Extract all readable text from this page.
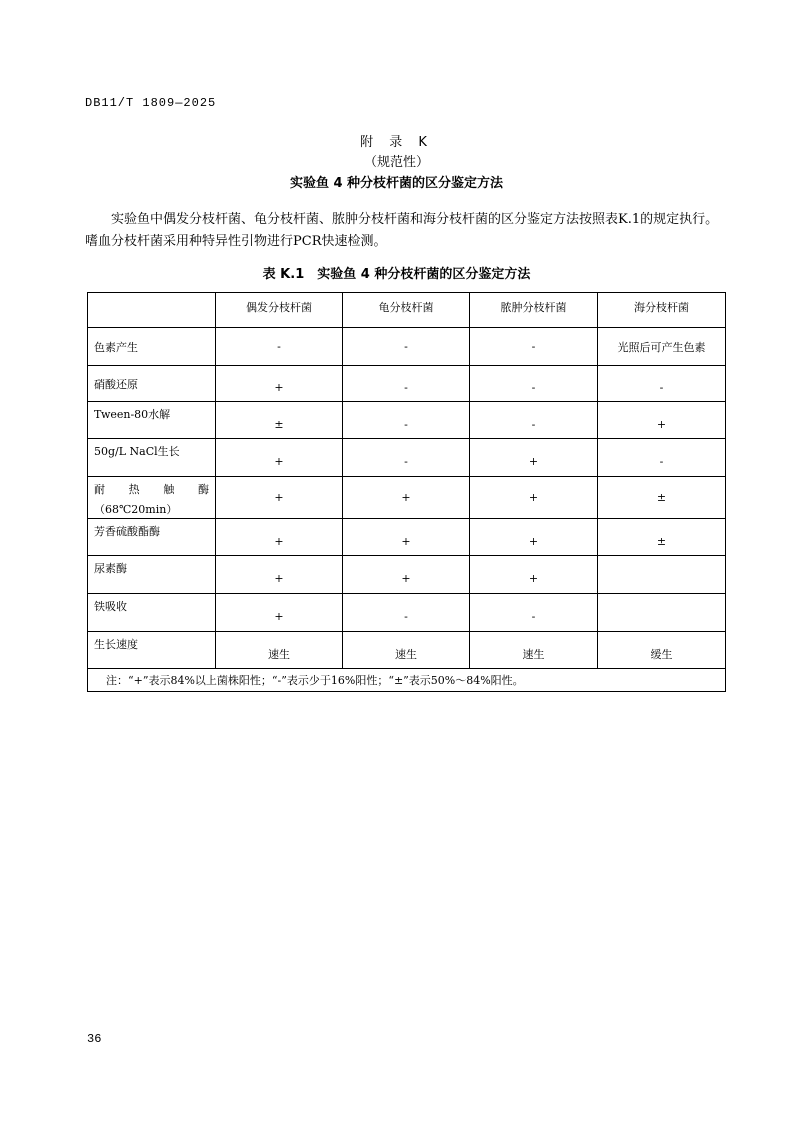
DB11/T 1809—2025
附 录 K
（规范性）
实验鱼 4 种分枝杆菌的区分鉴定方法
实验鱼中偶发分枝杆菌、龟分枝杆菌、脓肿分枝杆菌和海分枝杆菌的区分鉴定方法按照表K.1的规定执行。嗜血分枝杆菌采用种特异性引物进行PCR快速检测。
表 K.1　实验鱼 4 种分枝杆菌的区分鉴定方法
	偶发分枝杆菌	龟分枝杆菌	脓肿分枝杆菌	海分枝杆菌
色素产生	-	-	-	光照后可产生色素
硝酸还原	+	-	-	-
Tween-80水解	±	-	-	+
50g/L NaCl生长	+	-	+	-

耐 热 触 酶
（68℃20min）	+	+	+	±
芳香硫酸酯酶	+	+	+	±
尿素酶	+	+	+	
铁吸收	+	-	-	
生长速度	速生	速生	速生	缓生
注：“+”表示84%以上菌株阳性；“-”表示少于16%阳性；“±”表示50%～84%阳性。				
36
